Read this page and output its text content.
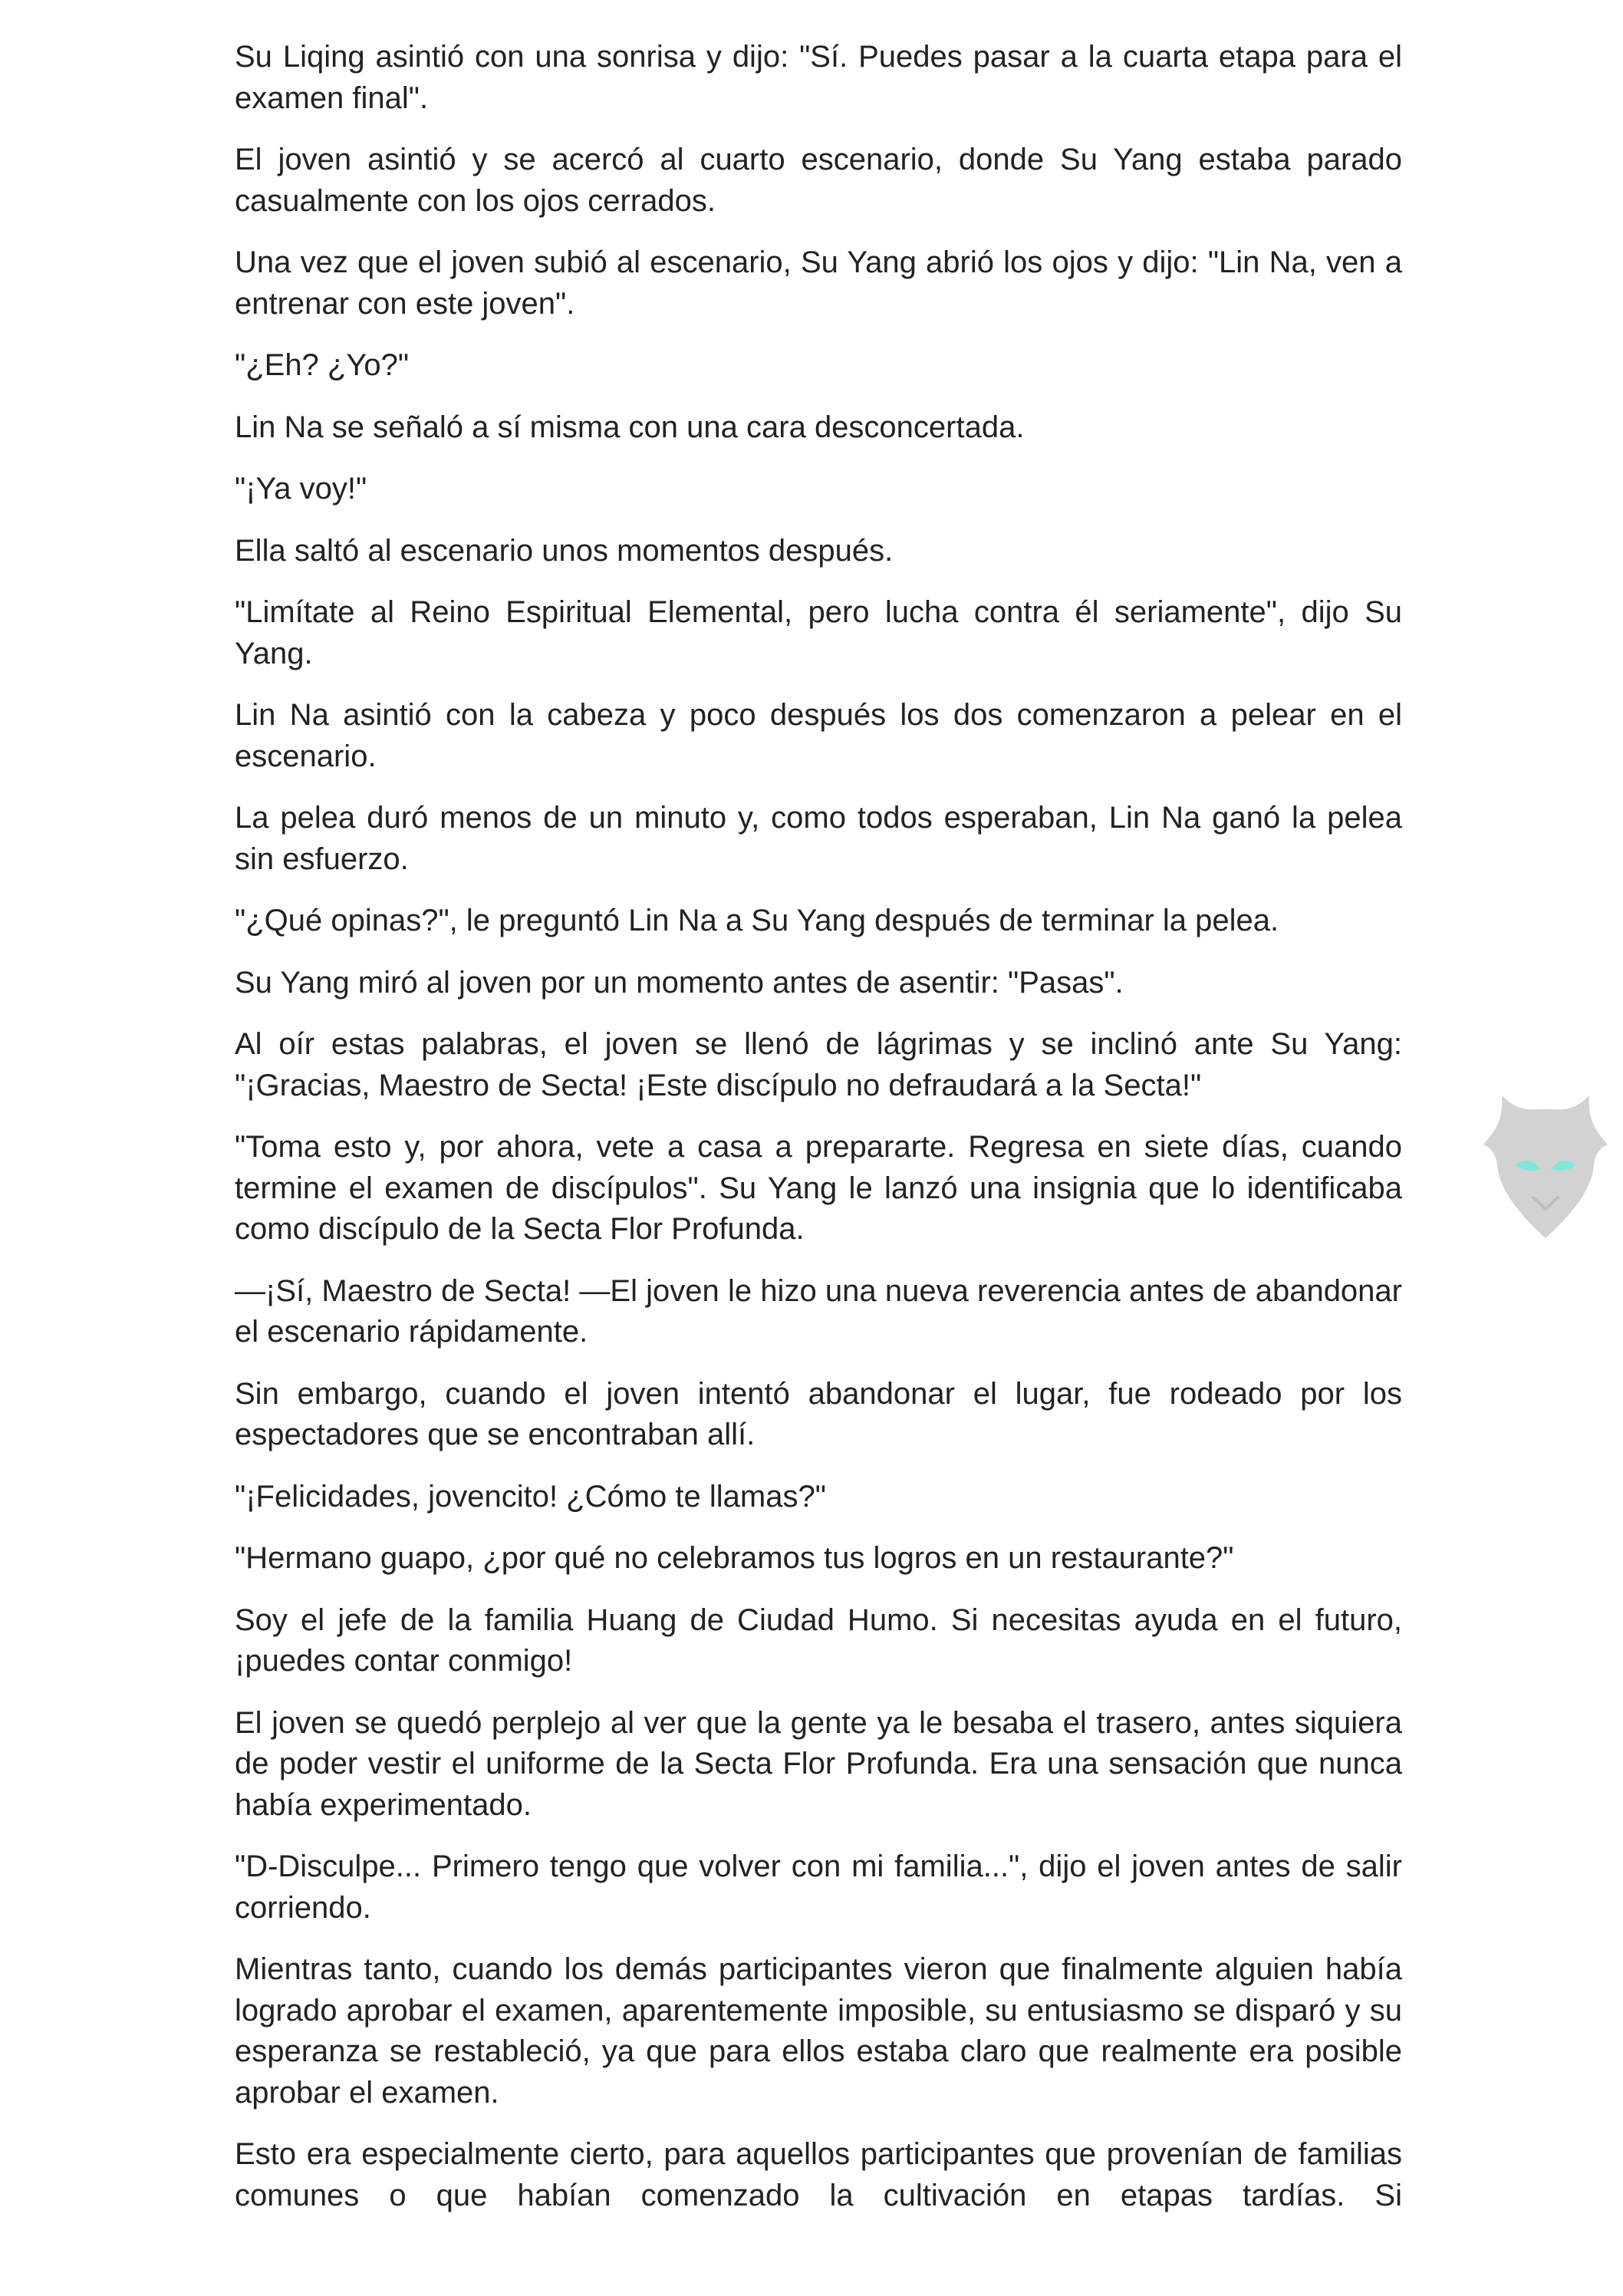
Su Liqing asintió con una sonrisa y dijo: "Sí. Puedes pasar a la cuarta etapa para el examen final".

El joven asintió y se acercó al cuarto escenario, donde Su Yang estaba parado casualmente con los ojos cerrados.

Una vez que el joven subió al escenario, Su Yang abrió los ojos y dijo: "Lin Na, ven a entrenar con este joven".

"¿Eh? ¿Yo?"

Lin Na se señaló a sí misma con una cara desconcertada.

"¡Ya voy!"

Ella saltó al escenario unos momentos después.

"Limítate al Reino Espiritual Elemental, pero lucha contra él seriamente", dijo Su Yang.

Lin Na asintió con la cabeza y poco después los dos comenzaron a pelear en el escenario.

La pelea duró menos de un minuto y, como todos esperaban, Lin Na ganó la pelea sin esfuerzo.

"¿Qué opinas?", le preguntó Lin Na a Su Yang después de terminar la pelea.

Su Yang miró al joven por un momento antes de asentir: "Pasas".

Al oír estas palabras, el joven se llenó de lágrimas y se inclinó ante Su Yang: "¡Gracias, Maestro de Secta! ¡Este discípulo no defraudará a la Secta!"

"Toma esto y, por ahora, vete a casa a prepararte. Regresa en siete días, cuando termine el examen de discípulos". Su Yang le lanzó una insignia que lo identificaba como discípulo de la Secta Flor Profunda.

—¡Sí, Maestro de Secta! —El joven le hizo una nueva reverencia antes de abandonar el escenario rápidamente.

Sin embargo, cuando el joven intentó abandonar el lugar, fue rodeado por los espectadores que se encontraban allí.

"¡Felicidades, jovencito! ¿Cómo te llamas?"

"Hermano guapo, ¿por qué no celebramos tus logros en un restaurante?"

Soy el jefe de la familia Huang de Ciudad Humo. Si necesitas ayuda en el futuro, ¡puedes contar conmigo!

El joven se quedó perplejo al ver que la gente ya le besaba el trasero, antes siquiera de poder vestir el uniforme de la Secta Flor Profunda. Era una sensación que nunca había experimentado.

"D-Disculpe... Primero tengo que volver con mi familia...", dijo el joven antes de salir corriendo.

Mientras tanto, cuando los demás participantes vieron que finalmente alguien había logrado aprobar el examen, aparentemente imposible, su entusiasmo se disparó y su esperanza se restableció, ya que para ellos estaba claro que realmente era posible aprobar el examen.

Esto era especialmente cierto, para aquellos participantes que provenían de familias comunes o que habían comenzado la cultivación en etapas tardías. Si
